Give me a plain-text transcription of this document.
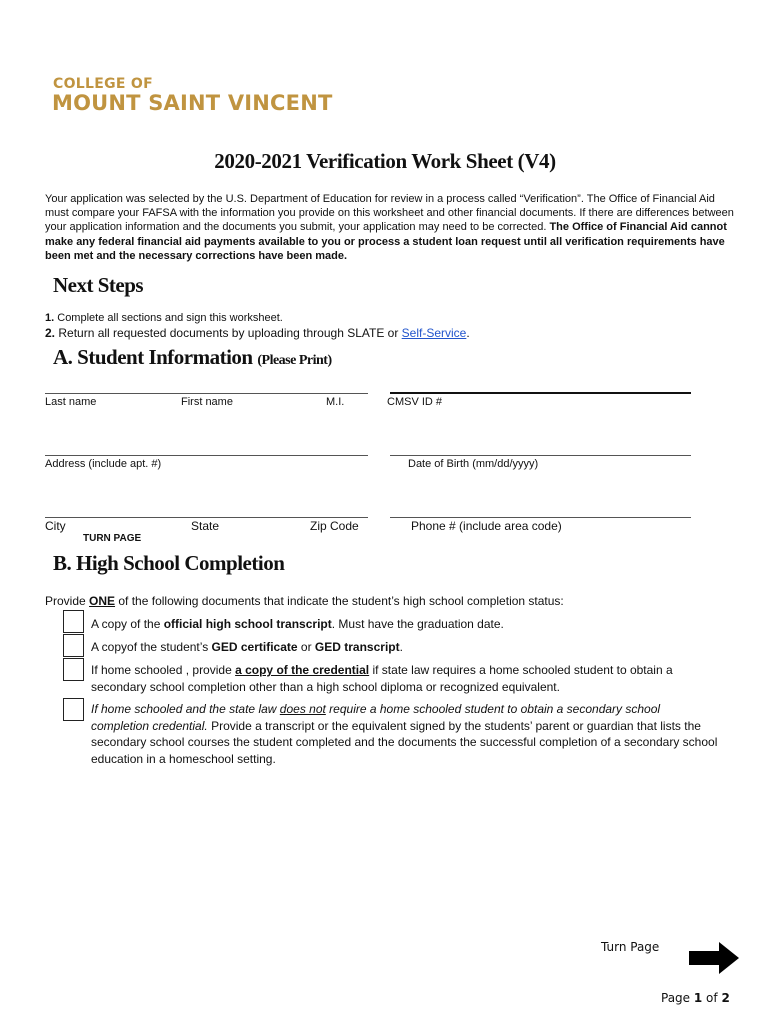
COLLEGE OF
MOUNT SAINT VINCENT
2020-2021 Verification Work Sheet (V4)
Your application was selected by the U.S. Department of Education for review in a process called “Verification”. The Office of Financial Aid must compare your FAFSA with the information you provide on this worksheet and other financial documents. If there are differences between your application information and the documents you submit, your application may need to be corrected. The Office of Financial Aid cannot make any federal financial aid payments available to you or process a student loan request until all verification requirements have been met and the necessary corrections have been made.
Next Steps
1. Complete all sections and sign this worksheet.
2. Return all requested documents by uploading through SLATE or Self-Service.
A. Student Information (Please Print)
Last name	First name	M.I.	CMSV ID #
Address (include apt. #)	Date of Birth (mm/dd/yyyy)
City	State	Zip Code	Phone # (include area code)
TURN PAGE
B. High School Completion
Provide ONE of the following documents that indicate the student’s high school completion status:
A copy of the official high school transcript. Must have the graduation date.
A copyof the student’s GED certificate or GED transcript.
If home schooled , provide a copy of the credential if state law requires a home schooled student to obtain a secondary school completion other than a high school diploma or recognized equivalent.
If home schooled and the state law does not require a home schooled student to obtain a secondary school completion credential. Provide a transcript or the equivalent signed by the students’ parent or guardian that lists the secondary school courses the student completed and the documents the successful completion of a secondary school education in a homeschool setting.
Turn Page
Page 1 of 2
